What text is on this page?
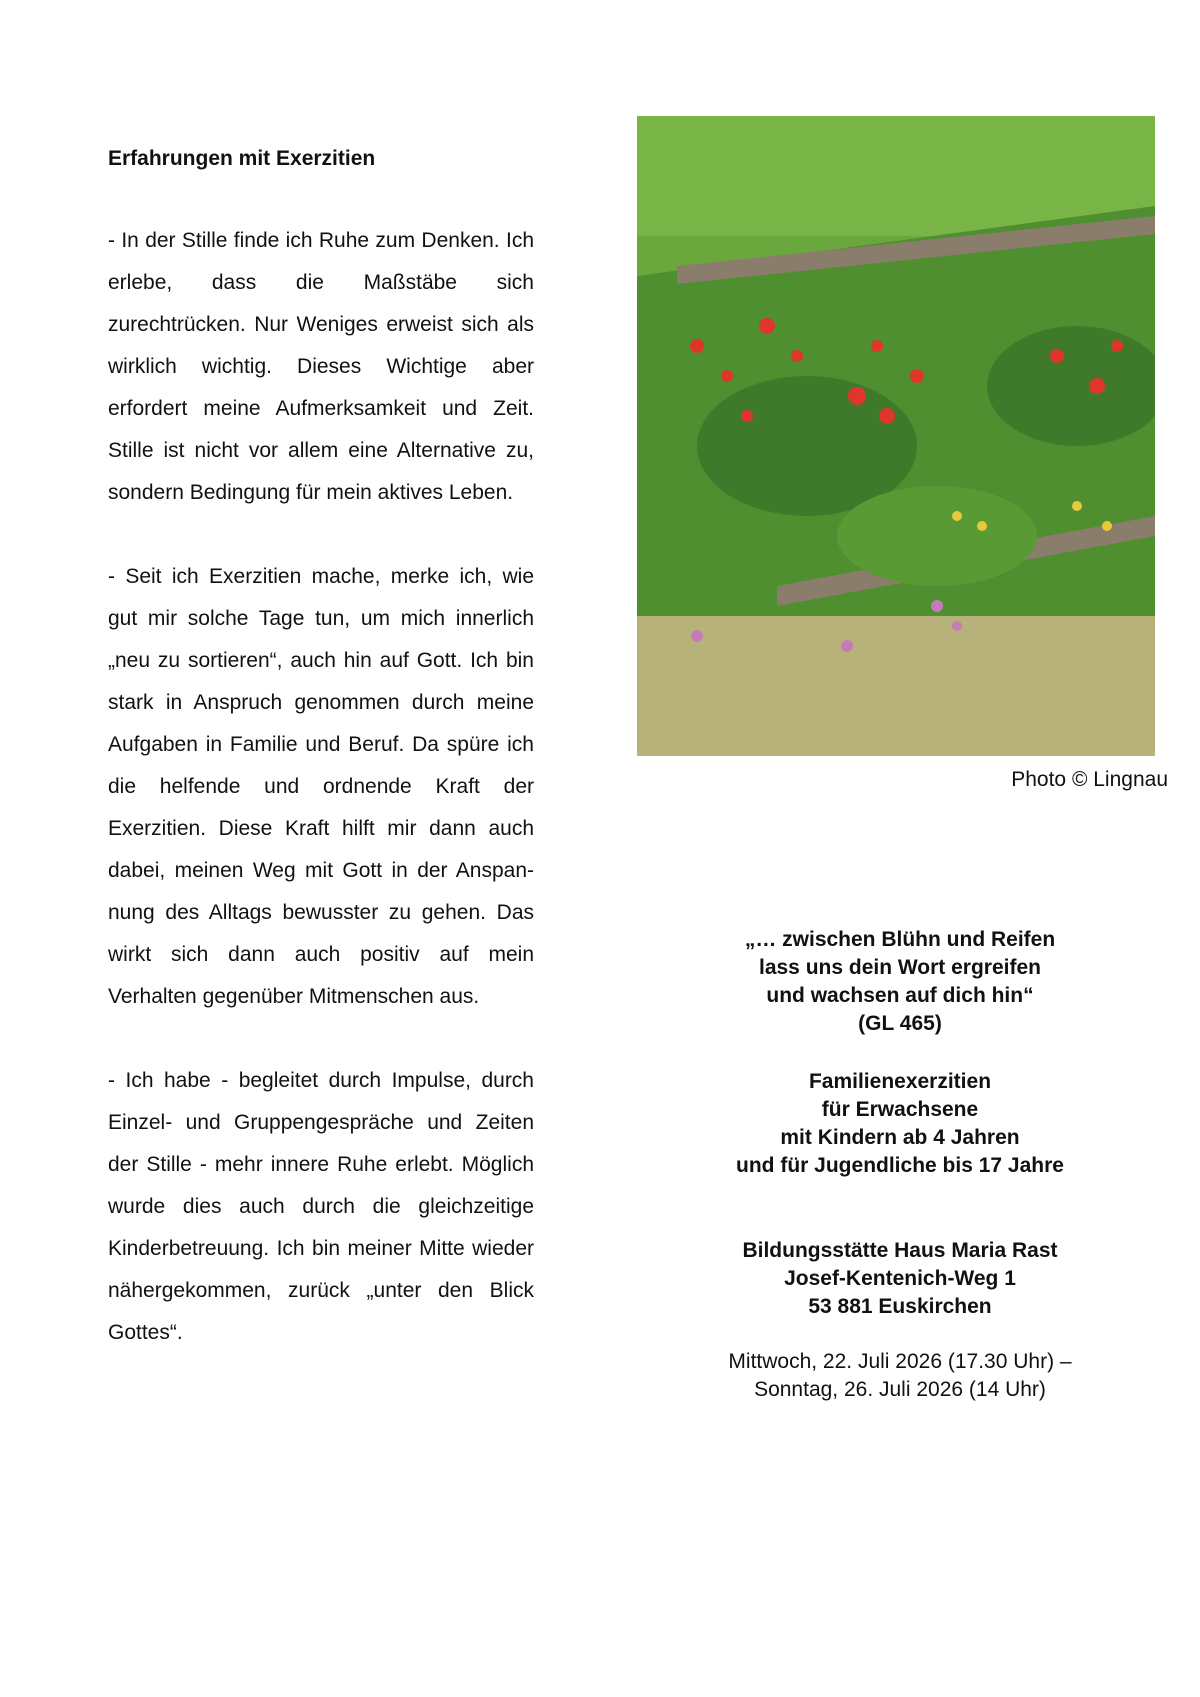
Erfahrungen mit Exerzitien

- In der Stille finde ich Ruhe zum Denken. Ich erlebe, dass die Maßstäbe sich zurechtrücken. Nur Weniges erweist sich als wirklich wichtig. Dieses Wichtige aber erfordert meine Aufmerksamkeit und Zeit. Stille ist nicht vor allem eine Alternative zu, sondern Bedingung für mein aktives Leben.

- Seit ich Exerzitien mache, merke ich, wie gut mir solche Tage tun, um mich innerlich „neu zu sortieren“, auch hin auf Gott. Ich bin stark in Anspruch genommen durch meine Aufgaben in Familie und Beruf. Da spüre ich die helfende und ordnende Kraft der Exerzitien. Diese Kraft hilft mir dann auch dabei, meinen Weg mit Gott in der Anspannung des Alltags bewusster zu gehen. Das wirkt sich dann auch positiv auf mein Verhalten gegenüber Mitmenschen aus.

- Ich habe - begleitet durch Impulse, durch Einzel- und Gruppengespräche und Zeiten der Stille - mehr innere Ruhe erlebt. Möglich wurde dies auch durch die gleichzeitige Kinderbetreuung. Ich bin meiner Mitte wieder nähergekommen, zurück „unter den Blick Gottes“.

Photo © Lingnau
„… zwischen Blühn und Reifen
lass uns dein Wort ergreifen
und wachsen auf dich hin“
(GL 465)
Familienexerzitien
für Erwachsene
mit Kindern ab 4 Jahren
und für Jugendliche bis 17 Jahre
Bildungsstätte Haus Maria Rast
Josef-Kentenich-Weg 1
53 881 Euskirchen
Mittwoch, 22. Juli 2026 (17.30 Uhr) –
Sonntag, 26. Juli 2026 (14 Uhr)
